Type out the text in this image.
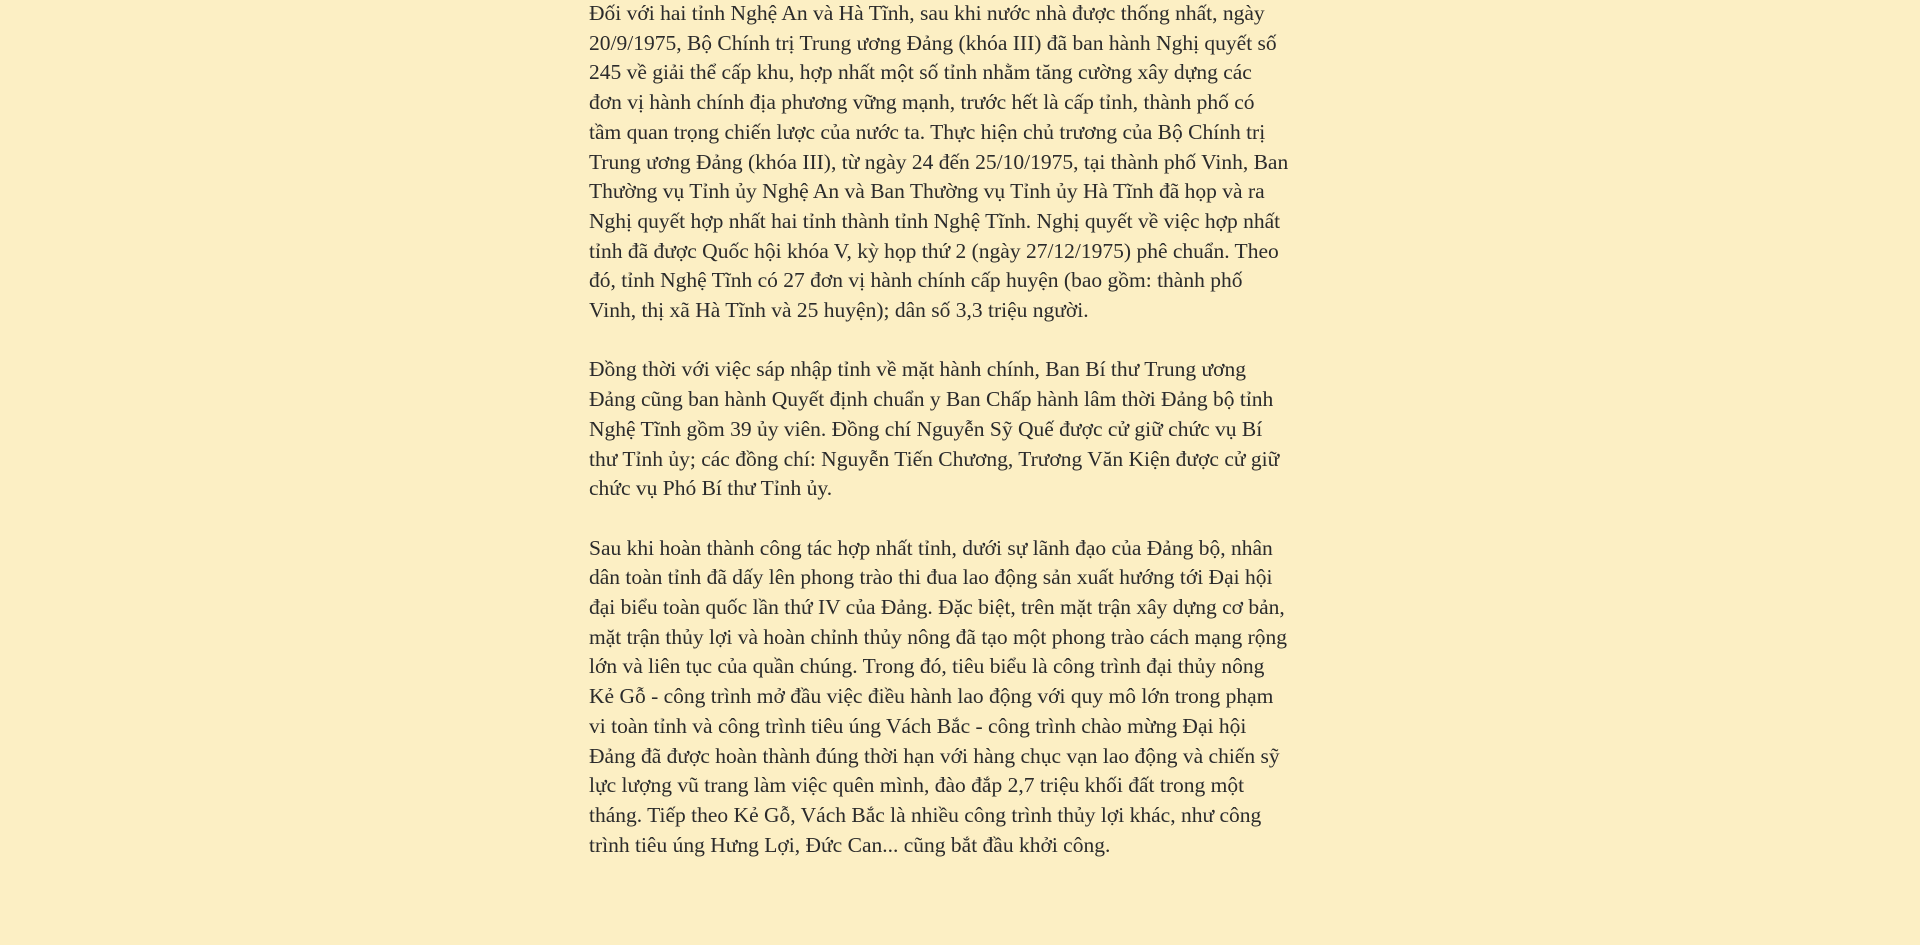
Đối với hai tỉnh Nghệ An và Hà Tĩnh, sau khi nước nhà được thống nhất, ngày 20/9/1975, Bộ Chính trị Trung ương Đảng (khóa III) đã ban hành Nghị quyết số 245 về giải thể cấp khu, hợp nhất một số tỉnh nhằm tăng cường xây dựng các đơn vị hành chính địa phương vững mạnh, trước hết là cấp tỉnh, thành phố có tầm quan trọng chiến lược của nước ta. Thực hiện chủ trương của Bộ Chính trị Trung ương Đảng (khóa III), từ ngày 24 đến 25/10/1975, tại thành phố Vinh, Ban Thường vụ Tỉnh ủy Nghệ An và Ban Thường vụ Tỉnh ủy Hà Tĩnh đã họp và ra Nghị quyết hợp nhất hai tỉnh thành tỉnh Nghệ Tĩnh. Nghị quyết về việc hợp nhất tỉnh đã được Quốc hội khóa V, kỳ họp thứ 2 (ngày 27/12/1975) phê chuẩn. Theo đó, tỉnh Nghệ Tĩnh có 27 đơn vị hành chính cấp huyện (bao gồm: thành phố Vinh, thị xã Hà Tĩnh và 25 huyện); dân số 3,3 triệu người.

Đồng thời với việc sáp nhập tỉnh về mặt hành chính, Ban Bí thư Trung ương Đảng cũng ban hành Quyết định chuẩn y Ban Chấp hành lâm thời Đảng bộ tỉnh Nghệ Tĩnh gồm 39 ủy viên. Đồng chí Nguyễn Sỹ Quế được cử giữ chức vụ Bí thư Tỉnh ủy; các đồng chí: Nguyễn Tiến Chương, Trương Văn Kiện được cử giữ chức vụ Phó Bí thư Tỉnh ủy.

Sau khi hoàn thành công tác hợp nhất tỉnh, dưới sự lãnh đạo của Đảng bộ, nhân dân toàn tỉnh đã dấy lên phong trào thi đua lao động sản xuất hướng tới Đại hội đại biểu toàn quốc lần thứ IV của Đảng. Đặc biệt, trên mặt trận xây dựng cơ bản, mặt trận thủy lợi và hoàn chỉnh thủy nông đã tạo một phong trào cách mạng rộng lớn và liên tục của quần chúng. Trong đó, tiêu biểu là công trình đại thủy nông Kẻ Gỗ - công trình mở đầu việc điều hành lao động với quy mô lớn trong phạm vi toàn tỉnh và công trình tiêu úng Vách Bắc - công trình chào mừng Đại hội Đảng đã được hoàn thành đúng thời hạn với hàng chục vạn lao động và chiến sỹ lực lượng vũ trang làm việc quên mình, đào đắp 2,7 triệu khối đất trong một tháng. Tiếp theo Kẻ Gỗ, Vách Bắc là nhiều công trình thủy lợi khác, như công trình tiêu úng Hưng Lợi, Đức Can... cũng bắt đầu khởi công.
